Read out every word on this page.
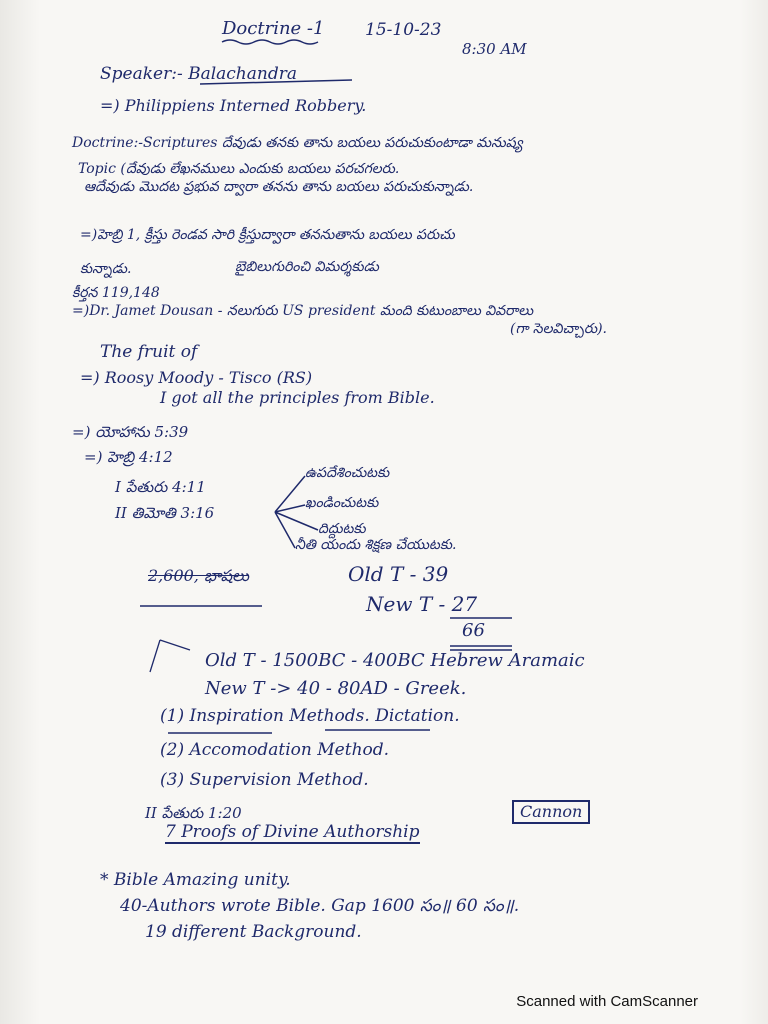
Doctrine -1 15-10-23
8:30 AM
Speaker:- Balachandra
=) Philippiens Interned Robbery.
Doctrine:-Scriptures దేవుడు తనకు తాను బయలు పరుచుకుంటాడా మనుష్య
Topic (దేవుడు లేఖనములు ఎందుకు బయలు పరచగలరు.
ఆదేవుడు మొదట ప్రభువ ద్వారా తనను తాను బయలు పరుచుకున్నాడు.
=)హెబ్రి 1, క్రీస్తు రెండవ సారి క్రీస్తుద్వారా తననుతాను బయలు పరుచు
కున్నాడు.	బైబిలుగురించి విమర్శకుడు
కీర్తన 119,148
=)Dr. Jamet Dousan - నలుగురు US president మంది కుటుంబాలు వివరాలు
(గా సెలవిచ్చారు).
The fruit of
=) Roosy Moody - Tisco (RS)
I got all the principles from Bible.
=) యోహాను 5:39
=) హెబ్రి 4:12
I పేతురు 4:11
II తిమోతి 3:16
ఉపదేశించుటకు
ఖండించుటకు
దిద్దుటకు
నీతి యందు శిక్షణ చేయుటకు.
2,600, భాషలు	Old T - 39
New T - 27
66
Old T - 1500BC - 400BC Hebrew Aramaic
New T -> 40 - 80AD - Greek.
(1) Inspiration Methods. Dictation.
(2) Accomodation Method.
(3) Supervision Method.
II పేతురు 1:20
7 Proofs of Divine Authorship
Cannon
* Bible Amazing unity.
40-Authors wrote Bible. Gap 1600 సం॥ 60 సం॥.
19 different Background.
Scanned with CamScanner
